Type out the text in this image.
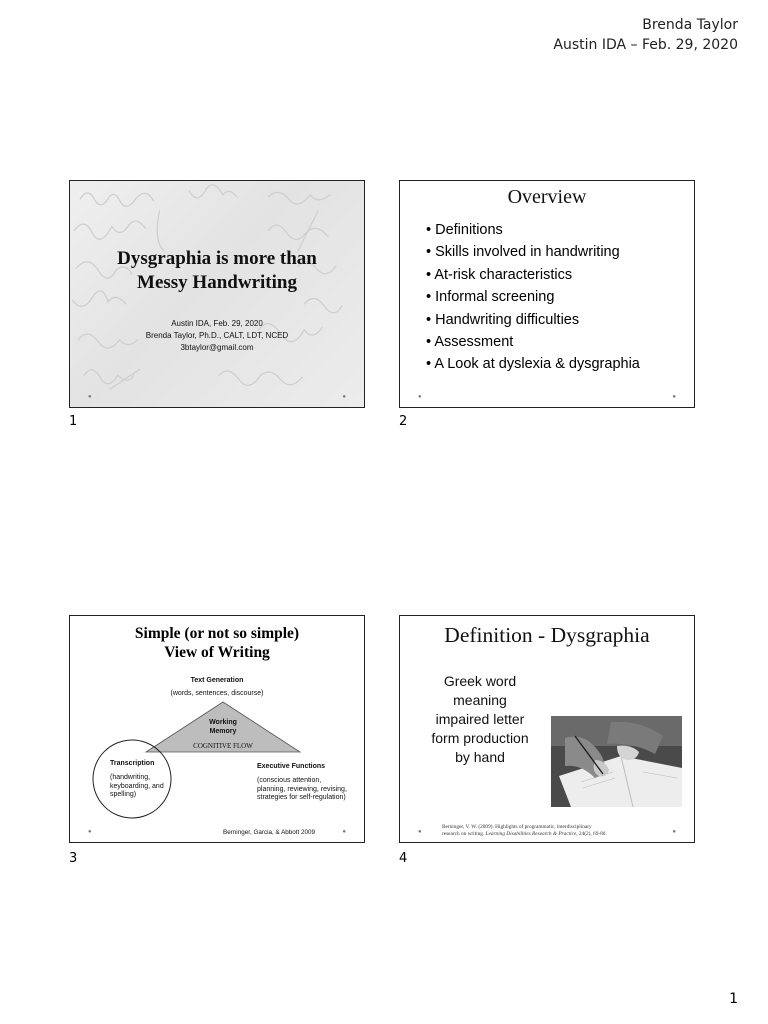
Brenda Taylor
Austin IDA – Feb. 29, 2020
Dysgraphia is more than
Messy Handwriting
Austin IDA, Feb. 29, 2020
Brenda Taylor, Ph.D., CALT, LDT, NCED
3btaylor@gmail.com
●	●
1
Overview
• Definitions
• Skills involved in handwriting
• At-risk characteristics
• Informal screening
• Handwriting difficulties
• Assessment
• A Look at dyslexia & dysgraphia
●	●
2
Simple (or not so simple)
View of Writing
Text Generation
(words, sentences, discourse)
Working
Memory
COGNITIVE FLOW
Transcription
(handwriting,
keyboarding, and
spelling)
Executive Functions
(conscious attention,
planning, reviewing, revising,
strategies for self-regulation)
Berninger, Garcia, & Abbott 2009
●	●
3
Definition - Dysgraphia
Greek word
meaning
impaired letter
form production
by hand
Berninger, V. W. (2009). Highlights of programmatic, interdisciplinary
research on writing. Learning Disabilities Research & Practice, 24(2), 69-80.
●	●
4
1
